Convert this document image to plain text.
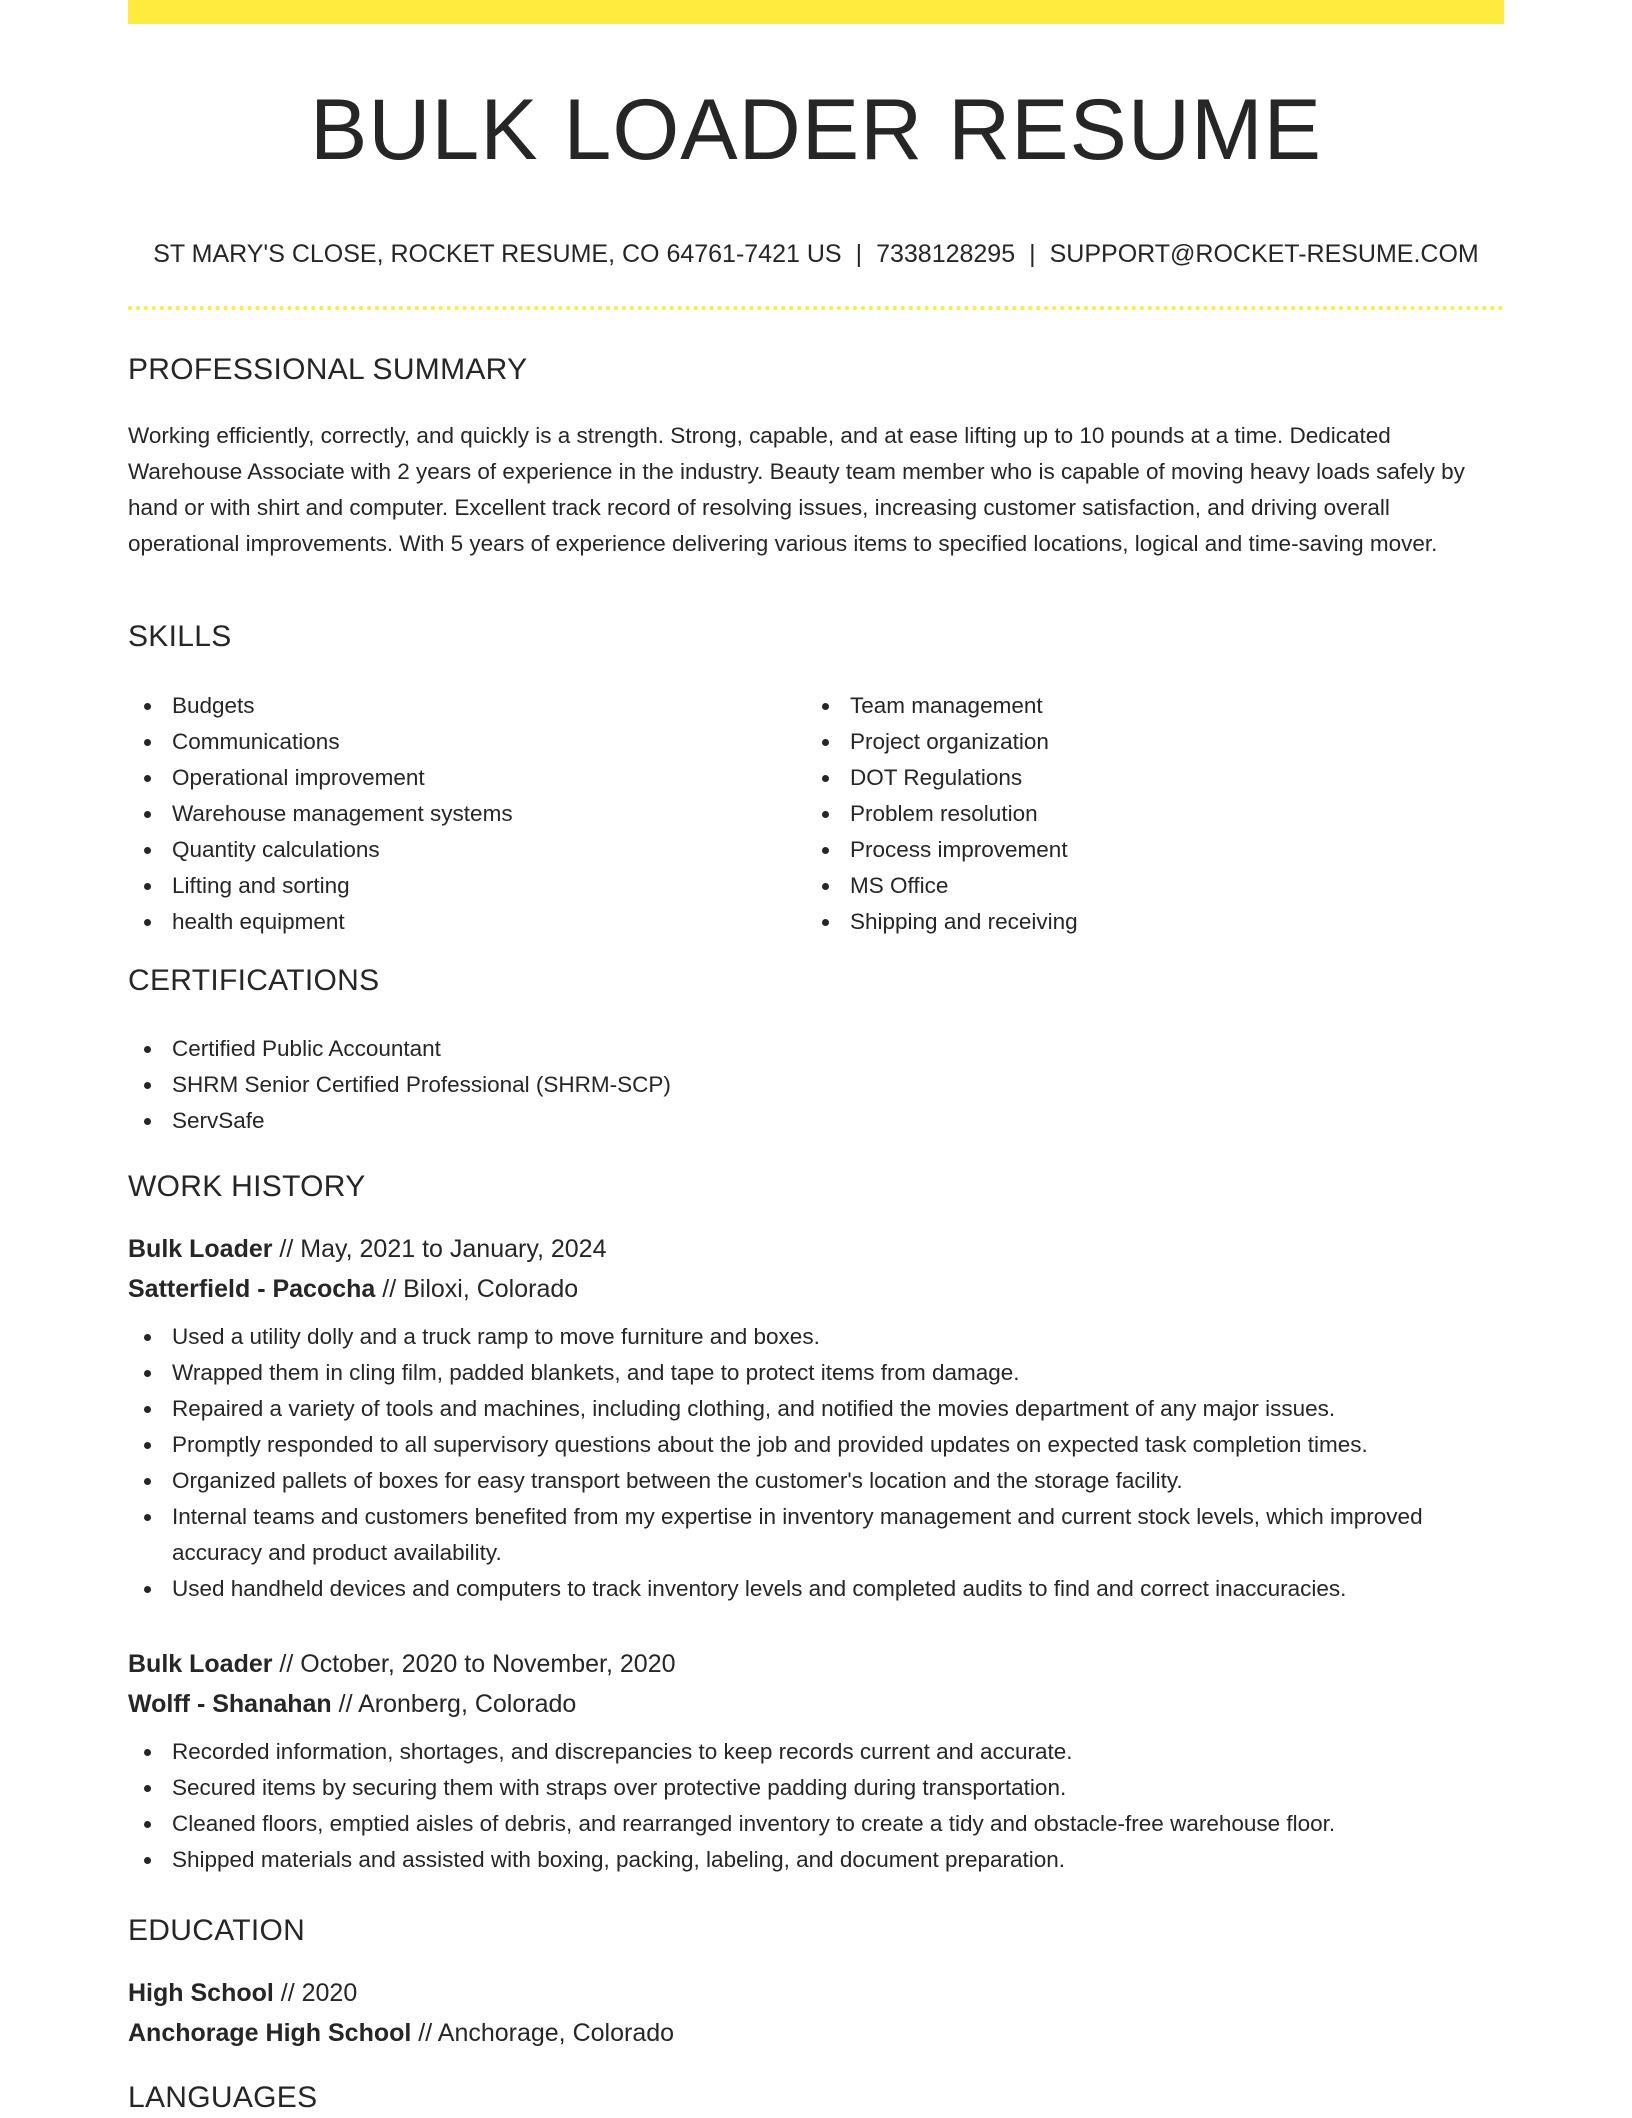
BULK LOADER RESUME
ST MARY'S CLOSE, ROCKET RESUME, CO 64761-7421 US | 7338128295 | SUPPORT@ROCKET-RESUME.COM
PROFESSIONAL SUMMARY
Working efficiently, correctly, and quickly is a strength. Strong, capable, and at ease lifting up to 10 pounds at a time. Dedicated Warehouse Associate with 2 years of experience in the industry. Beauty team member who is capable of moving heavy loads safely by hand or with shirt and computer. Excellent track record of resolving issues, increasing customer satisfaction, and driving overall operational improvements. With 5 years of experience delivering various items to specified locations, logical and time-saving mover.
SKILLS
Budgets
Communications
Operational improvement
Warehouse management systems
Quantity calculations
Lifting and sorting
health equipment
Team management
Project organization
DOT Regulations
Problem resolution
Process improvement
MS Office
Shipping and receiving
CERTIFICATIONS
Certified Public Accountant
SHRM Senior Certified Professional (SHRM-SCP)
ServSafe
WORK HISTORY
Bulk Loader // May, 2021 to January, 2024
Satterfield - Pacocha // Biloxi, Colorado
Used a utility dolly and a truck ramp to move furniture and boxes.
Wrapped them in cling film, padded blankets, and tape to protect items from damage.
Repaired a variety of tools and machines, including clothing, and notified the movies department of any major issues.
Promptly responded to all supervisory questions about the job and provided updates on expected task completion times.
Organized pallets of boxes for easy transport between the customer's location and the storage facility.
Internal teams and customers benefited from my expertise in inventory management and current stock levels, which improved accuracy and product availability.
Used handheld devices and computers to track inventory levels and completed audits to find and correct inaccuracies.
Bulk Loader // October, 2020 to November, 2020
Wolff - Shanahan // Aronberg, Colorado
Recorded information, shortages, and discrepancies to keep records current and accurate.
Secured items by securing them with straps over protective padding during transportation.
Cleaned floors, emptied aisles of debris, and rearranged inventory to create a tidy and obstacle-free warehouse floor.
Shipped materials and assisted with boxing, packing, labeling, and document preparation.
EDUCATION
High School // 2020
Anchorage High School // Anchorage, Colorado
LANGUAGES
